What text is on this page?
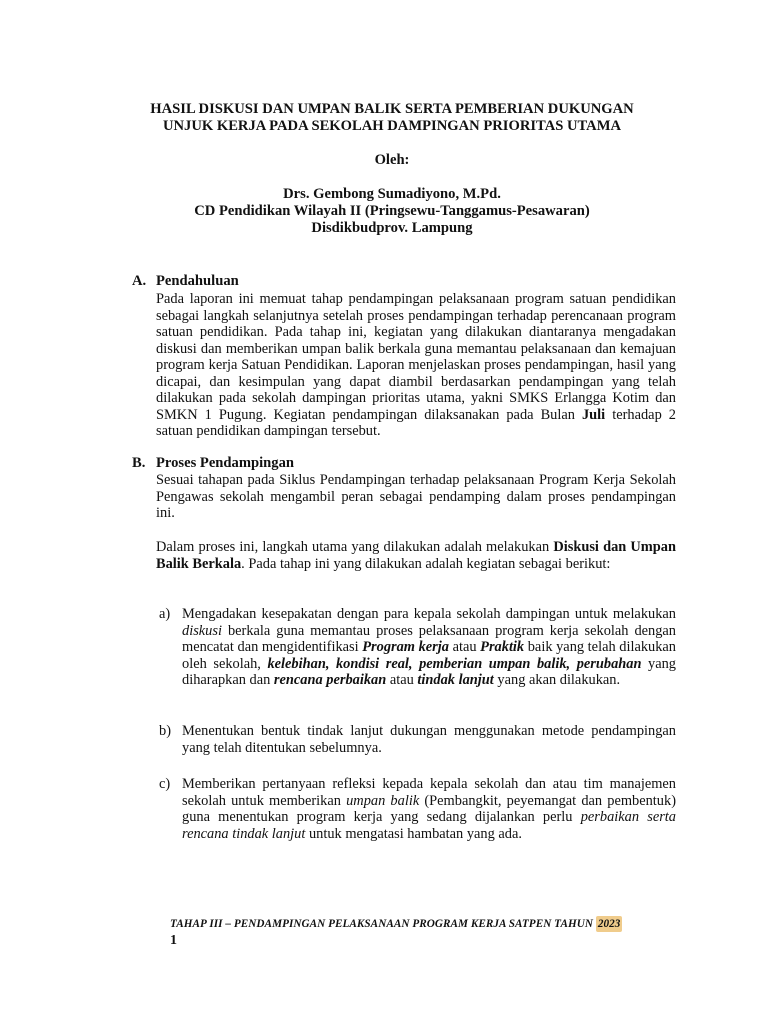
HASIL DISKUSI DAN UMPAN BALIK SERTA PEMBERIAN DUKUNGAN
UNJUK KERJA PADA SEKOLAH DAMPINGAN PRIORITAS UTAMA
Oleh:
Drs. Gembong Sumadiyono, M.Pd.
CD Pendidikan Wilayah II (Pringsewu-Tanggamus-Pesawaran)
Disdikbudprov. Lampung
A. Pendahuluan
Pada laporan ini memuat tahap pendampingan pelaksanaan program satuan pendidikan sebagai langkah selanjutnya setelah proses pendampingan terhadap perencanaan program satuan pendidikan. Pada tahap ini, kegiatan yang dilakukan diantaranya mengadakan diskusi dan memberikan umpan balik berkala guna memantau pelaksanaan dan kemajuan program kerja Satuan Pendidikan. Laporan menjelaskan proses pendampingan, hasil yang dicapai, dan kesimpulan yang dapat diambil berdasarkan pendampingan yang telah dilakukan pada sekolah dampingan prioritas utama, yakni SMKS Erlangga Kotim dan SMKN 1 Pugung. Kegiatan pendampingan dilaksanakan pada Bulan Juli terhadap 2 satuan pendidikan dampingan tersebut.
B. Proses Pendampingan
Sesuai tahapan pada Siklus Pendampingan terhadap pelaksanaan Program Kerja Sekolah Pengawas sekolah mengambil peran sebagai pendamping dalam proses pendampingan ini.
Dalam proses ini, langkah utama yang dilakukan adalah melakukan Diskusi dan Umpan Balik Berkala. Pada tahap ini yang dilakukan adalah kegiatan sebagai berikut:
a) Mengadakan kesepakatan dengan para kepala sekolah dampingan untuk melakukan diskusi berkala guna memantau proses pelaksanaan program kerja sekolah dengan mencatat dan mengidentifikasi Program kerja atau Praktik baik yang telah dilakukan oleh sekolah, kelebihan, kondisi real, pemberian umpan balik, perubahan yang diharapkan dan rencana perbaikan atau tindak lanjut yang akan dilakukan.
b) Menentukan bentuk tindak lanjut dukungan menggunakan metode pendampingan yang telah ditentukan sebelumnya.
c) Memberikan pertanyaan refleksi kepada kepala sekolah dan atau tim manajemen sekolah untuk memberikan umpan balik (Pembangkit, peyemangat dan pembentuk) guna menentukan program kerja yang sedang dijalankan perlu perbaikan serta rencana tindak lanjut untuk mengatasi hambatan yang ada.
TAHAP III – PENDAMPINGAN PELAKSANAAN PROGRAM KERJA SATPEN TAHUN 2023
1
